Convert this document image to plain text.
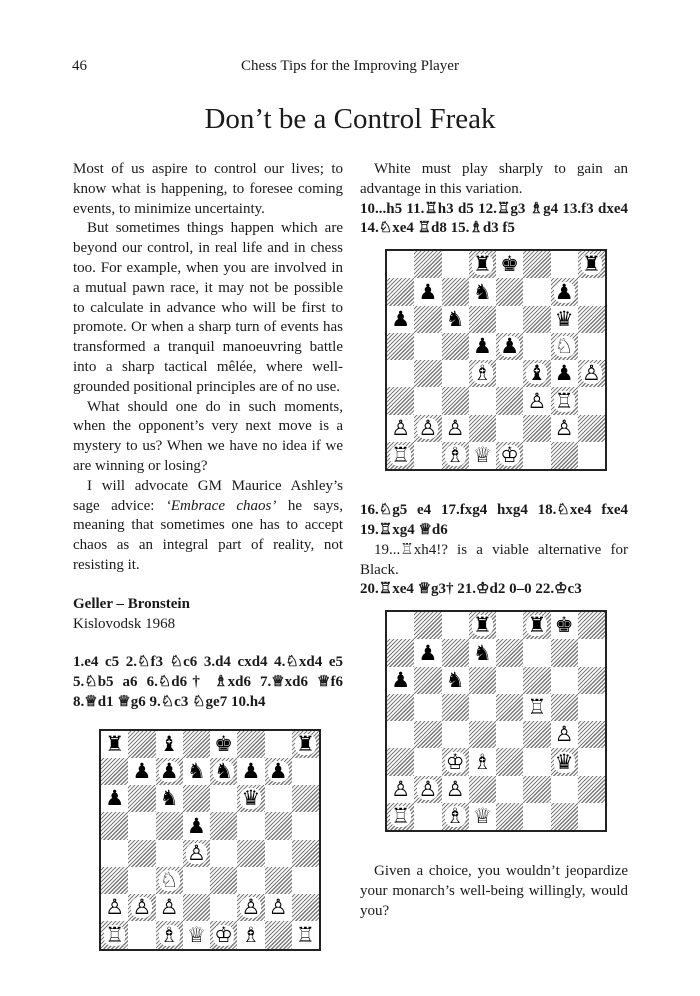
46	Chess Tips for the Improving Player
Don’t be a Control Freak

Most of us aspire to control our lives; to know what is happening, to foresee coming events, to minimize uncertainty.

But sometimes things happen which are beyond our control, in real life and in chess too. For example, when you are involved in a mutual pawn race, it may not be possible to calculate in advance who will be first to promote. Or when a sharp turn of events has transformed a tranquil manoeuvring battle into a sharp tactical mêlée, where well-grounded positional principles are of no use.

What should one do in such moments, when the opponent’s very next move is a mystery to us? When we have no idea if we are winning or losing?

I will advocate GM Maurice Ashley’s sage advice: ‘Embrace chaos’ he says, meaning that sometimes one has to accept chaos as an integral part of reality, not resisting it.

Geller – Bronstein

Kislovodsk 1968

1.e4 c5 2.♘f3 ♘c6 3.d4 cxd4 4.♘xd4 e5 5.♘b5 a6 6.♘d6† ♗xd6 7.♕xd6 ♕f6 8.♕d1 ♕g6 9.♘c3 ♘ge7 10.h4

♜ ♝ ♚	♜
♟ ♟ ♞ ♞ ♟ ♟
♟ ♞	♛
♟
♙
♘
♙ ♙ ♙	♙ ♙
♖ ♗ ♕ ♔ ♗ ♖

White must play sharply to gain an advantage in this variation.

10...h5 11.♖h3 d5 12.♖g3 ♗g4 13.f3 dxe4 14.♘xe4 ♖d8 15.♗d3 f5

♜ ♚	♜
♟ ♞	♟
♟ ♞	♛
♟ ♟ ♘
♗ ♝ ♟ ♙
♙ ♖
♙ ♙ ♙	♙
♖ ♗ ♕ ♔

16.♘g5 e4 17.fxg4 hxg4 18.♘xe4 fxe4 19.♖xg4 ♕d6

19...♖xh4!? is a viable alternative for Black.

20.♖xe4 ♕g3† 21.♔d2 0–0 22.♔c3

♜ ♜ ♚
♟ ♞
♟ ♞
♖
♙
♔ ♗	♛
♙ ♙ ♙
♖ ♗ ♕

Given a choice, you wouldn’t jeopardize your monarch’s well-being willingly, would you?
